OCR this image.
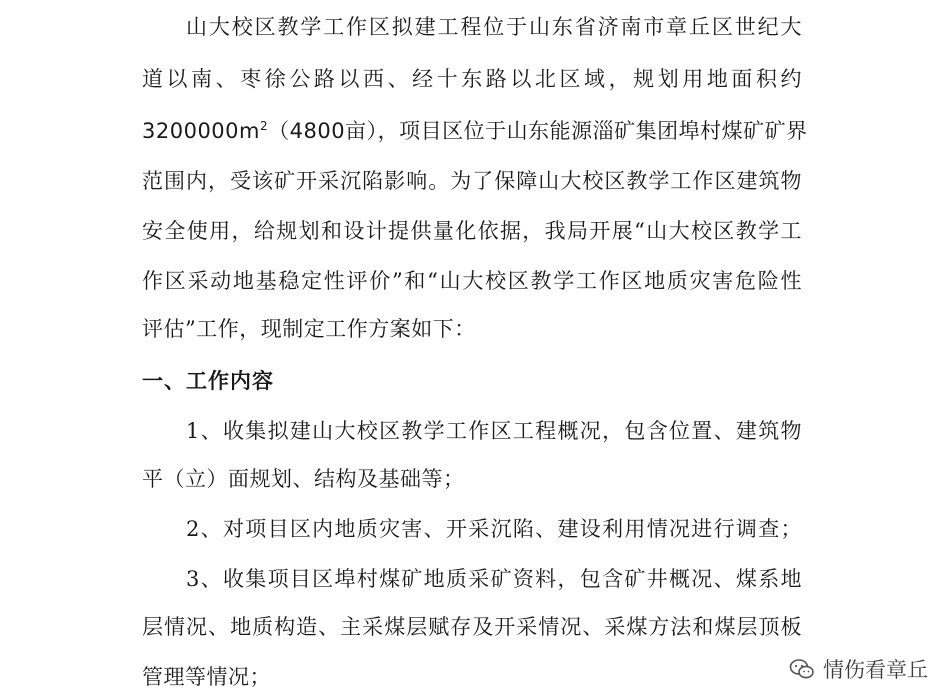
山大校区教学工作区拟建工程位于山东省济南市章丘区世纪大
道以南、枣徐公路以西、经十东路以北区域，规划用地面积约
$3200000m^2(4800$亩），项目区位于山东能源淄矿集团埠村煤矿矿界
范围内，受该矿开采沉陷影响。为了保障山大校区教学工作区建筑物
安全使用，给规划和设计提供量化依据，我局开展“山大校区教学工
作区采动地基稳定性评价”和“山大校区教学工作区地质灾害危险性
评估”工作，现制定工作方案如下：
一、工作内容
1、收集拟建山大校区教学工作区工程概况，包含位置、建筑物
平（立）面规划、结构及基础等；
2、对项目区内地质灾害、开采沉陷、建设利用情况进行调查；
3、收集项目区埠村煤矿地质采矿资料，包含矿井概况、煤系地
层情况、地质构造、主采煤层赋存及开采情况、采煤方法和煤层顶板
管理等情况；	情伤看章丘
